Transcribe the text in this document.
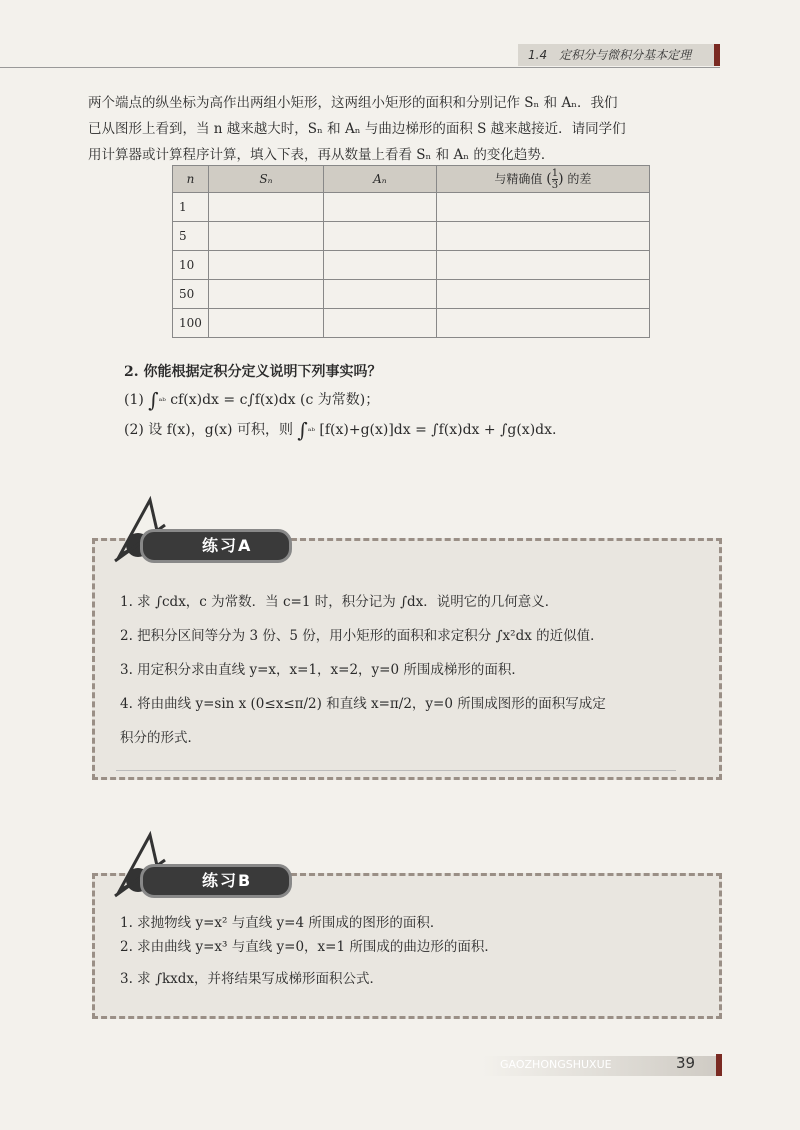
1.4　定积分与微积分基本定理

两个端点的纵坐标为高作出两组小矩形，这两组小矩形的面积和分别记作 Sₙ 和 Aₙ．我们

已从图形上看到，当 n 越来越大时，Sₙ 和 Aₙ 与曲边梯形的面积 S 越来越接近．请同学们

用计算器或计算程序计算，填入下表，再从数量上看看 Sₙ 和 Aₙ 的变化趋势．

n	Sₙ	Aₙ	与精确值 ( $\frac{1}{3}$ ) 的差
1			
5			
10			
50			
100			
2. 你能根据定积分定义说明下列事实吗？
(1) ∫ᵃᵇ cf(x)dx = c∫f(x)dx (c 为常数)；
(2) 设 f(x)，g(x) 可积，则 ∫ᵃᵇ [f(x)+g(x)]dx = ∫f(x)dx + ∫g(x)dx.
练习A
1. 求 ∫cdx，c 为常数．当 c=1 时，积分记为 ∫dx．说明它的几何意义．
2. 把积分区间等分为 3 份、5 份，用小矩形的面积和求定积分 ∫x²dx 的近似值．
3. 用定积分求由直线 y=x，x=1，x=2，y=0 所围成梯形的面积．
4. 将由曲线 y=sin x (0≤x≤π/2) 和直线 x=π/2，y=0 所围成图形的面积写成定
积分的形式．
练习B
1. 求抛物线 y=x² 与直线 y=4 所围成的图形的面积．
2. 求由曲线 y=x³ 与直线 y=0，x=1 所围成的曲边形的面积．
3. 求 ∫kxdx，并将结果写成梯形面积公式．
GAOZHONGSHUXUE	39
